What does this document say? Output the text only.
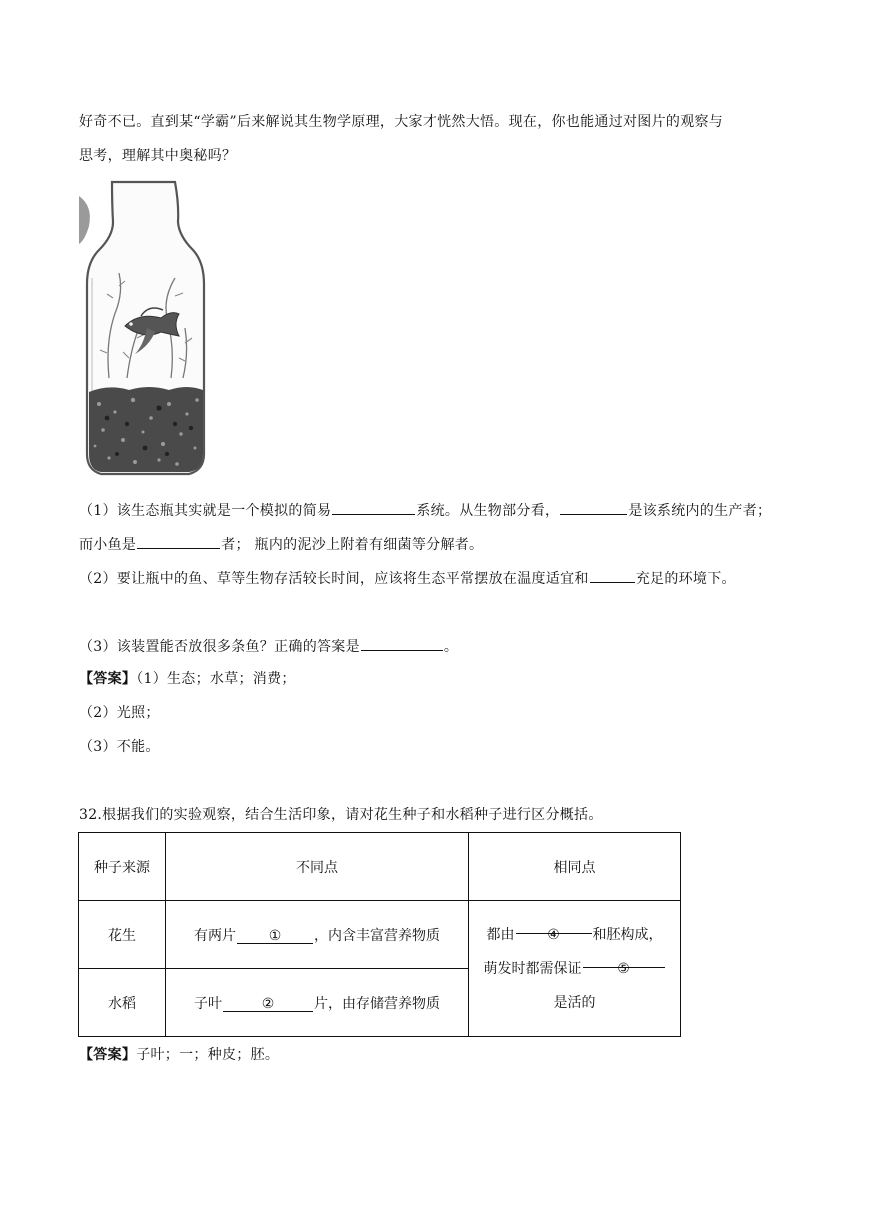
好奇不已。直到某“学霸”后来解说其生物学原理，大家才恍然大悟。现在，你也能通过对图片的观察与
思考，理解其中奥秘吗？
（1）该生态瓶其实就是一个模拟的简易	系统。从生物部分看，	是该系统内的生产者；
而小鱼是	者； 瓶内的泥沙上附着有细菌等分解者。
（2）要让瓶中的鱼、草等生物存活较长时间，应该将生态平常摆放在温度适宜和	充足的环境下。
（3）该装置能否放很多条鱼？正确的答案是	。
【答案】（1）生态；水草；消费；
（2）光照；
（3）不能。
32.根据我们的实验观察，结合生活印象，请对花生种子和水稻种子进行区分概括。
种子来源	不同点	相同点
花生	有两片 ① ，内含丰富营养物质	都由 ④ 和胚构成，
萌发时都需保证 ⑤
是活的

水稻	子叶 ② 片，由存储营养物质	
【答案】子叶；一；种皮；胚。
